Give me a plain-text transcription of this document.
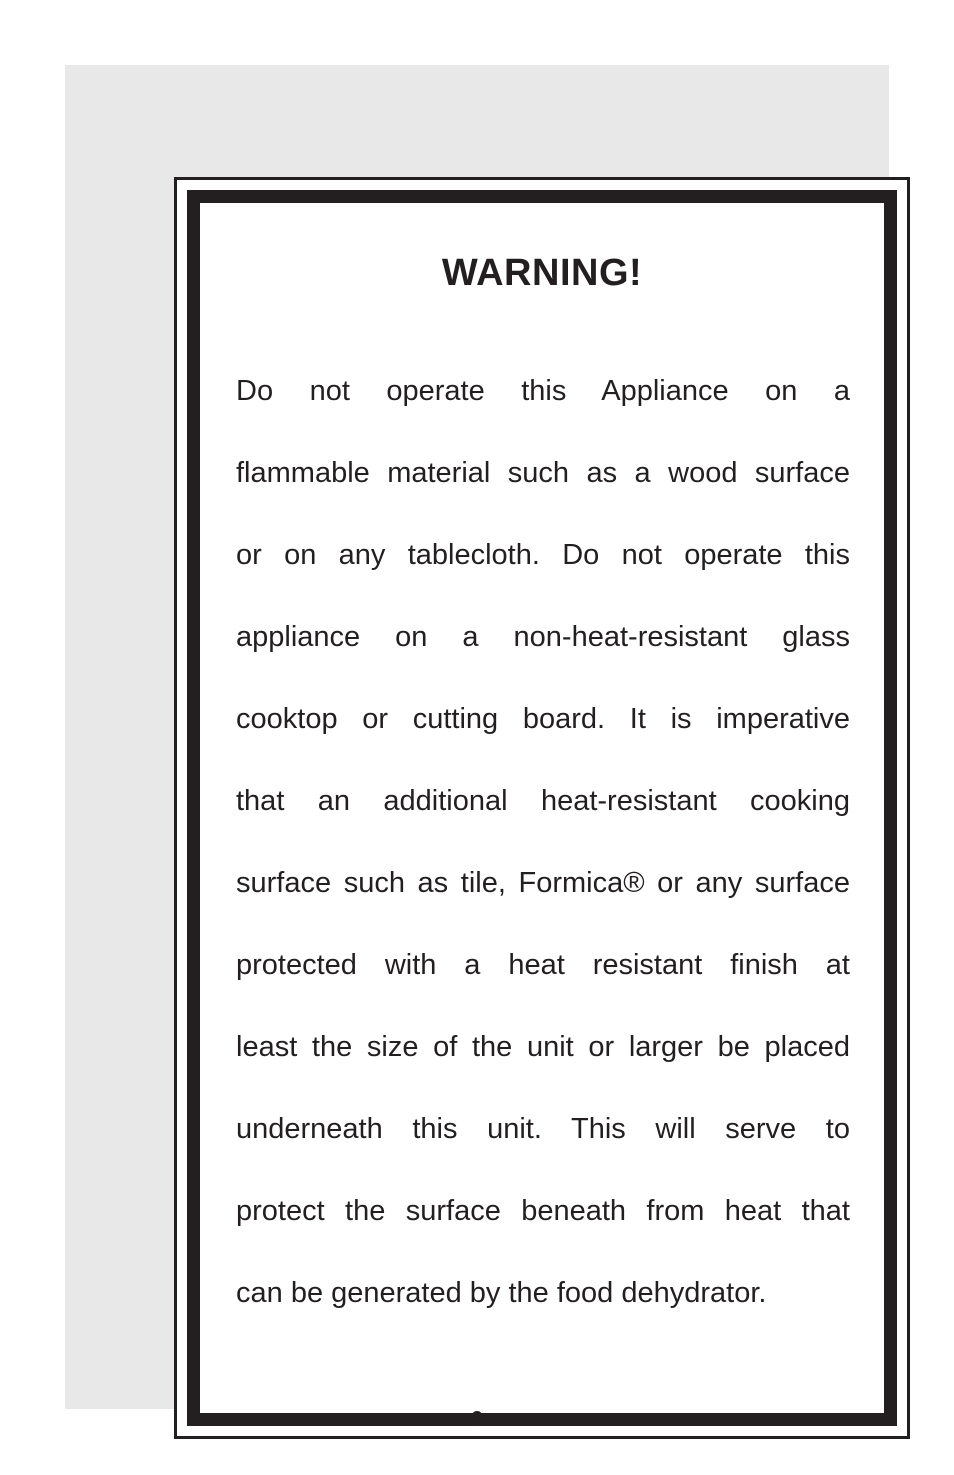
WARNING!

Do not operate this Appliance on a
flammable material such as a wood surface
or on any tablecloth. Do not operate this
appliance on a non-heat-resistant glass
cooktop or cutting board. It is imperative
that an additional heat-resistant cooking
surface such as tile, Formica® or any surface
protected with a heat resistant finish at
least the size of the unit or larger be placed
underneath this unit. This will serve to
protect the surface beneath from heat that
can be generated by the food dehydrator.

2
